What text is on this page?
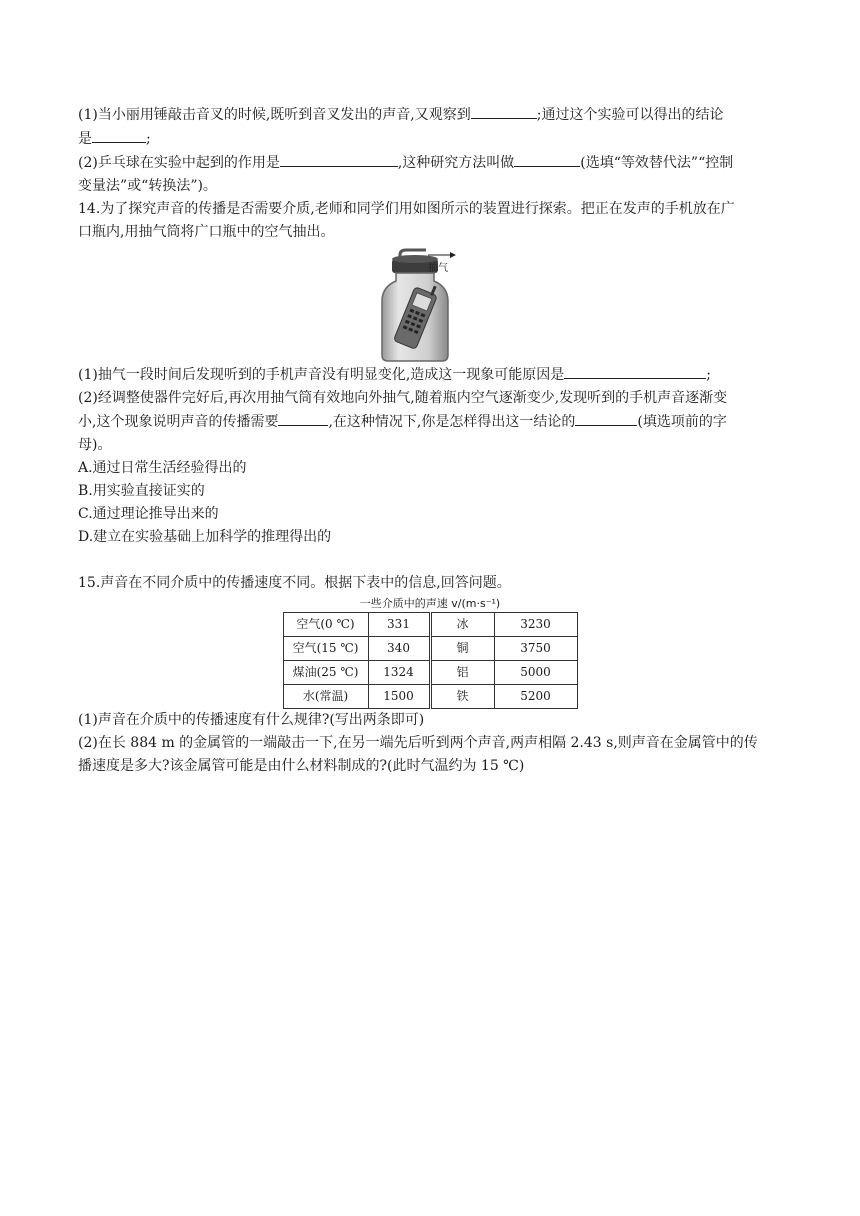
(1)当小丽用锤敲击音叉的时候,既听到音叉发出的声音,又观察到	;通过这个实验可以得出的结论
是	;
(2)乒乓球在实验中起到的作用是	,这种研究方法叫做	(选填“等效替代法”“控制
变量法”或“转换法”)。
14.为了探究声音的传播是否需要介质,老师和同学们用如图所示的装置进行探索。把正在发声的手机放在广
口瓶内,用抽气筒将广口瓶中的空气抽出。
抽气
(1)抽气一段时间后发现听到的手机声音没有明显变化,造成这一现象可能原因是	;
(2)经调整使器件完好后,再次用抽气筒有效地向外抽气,随着瓶内空气逐渐变少,发现听到的手机声音逐渐变
小,这个现象说明声音的传播需要	,在这种情况下,你是怎样得出这一结论的	(填选项前的字
母)。
A.通过日常生活经验得出的
B.用实验直接证实的
C.通过理论推导出来的
D.建立在实验基础上加科学的推理得出的
15.声音在不同介质中的传播速度不同。根据下表中的信息,回答问题。
一些介质中的声速 v/(m·s⁻¹)
空气(0 ℃)	331	冰	3230
空气(15 ℃)	340	铜	3750
煤油(25 ℃)	1324	铝	5000
水(常温)	1500	铁	5200
(1)声音在介质中的传播速度有什么规律?(写出两条即可)
(2)在长 884 m 的金属管的一端敲击一下,在另一端先后听到两个声音,两声相隔 2.43 s,则声音在金属管中的传
播速度是多大?该金属管可能是由什么材料制成的?(此时气温约为 15 ℃)
